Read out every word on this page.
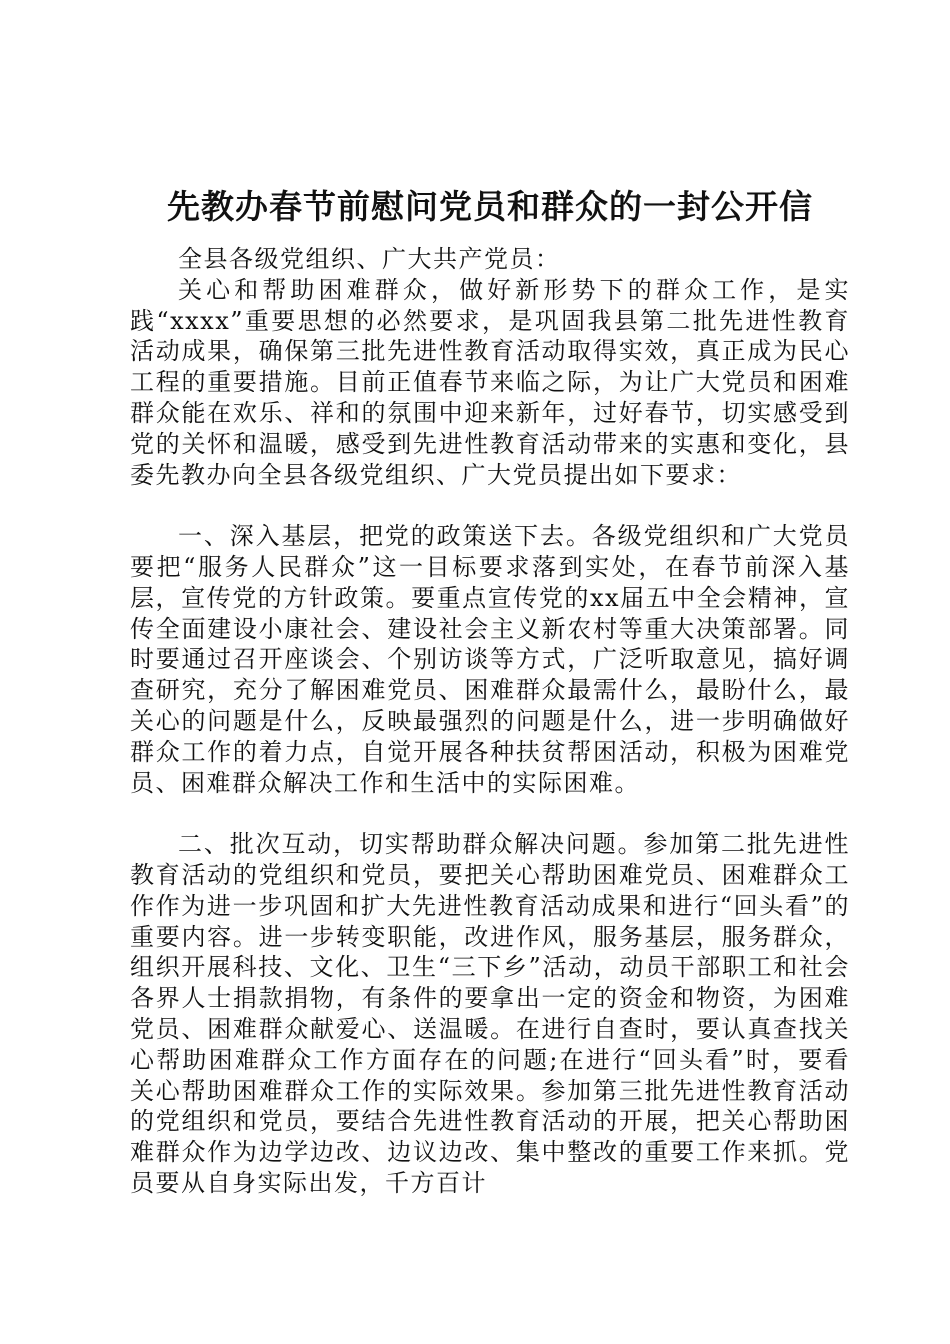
先教办春节前慰问党员和群众的一封公开信

全县各级党组织、广大共产党员：

关心和帮助困难群众，做好新形势下的群众工作，是实践“xxxx”重要思想的必然要求，是巩固我县第二批先进性教育活动成果，确保第三批先进性教育活动取得实效，真正成为民心工程的重要措施。目前正值春节来临之际，为让广大党员和困难群众能在欢乐、祥和的氛围中迎来新年，过好春节，切实感受到党的关怀和温暖，感受到先进性教育活动带来的实惠和变化，县委先教办向全县各级党组织、广大党员提出如下要求：

一、深入基层，把党的政策送下去。各级党组织和广大党员要把“服务人民群众”这一目标要求落到实处，在春节前深入基层，宣传党的方针政策。要重点宣传党的xx届五中全会精神，宣传全面建设小康社会、建设社会主义新农村等重大决策部署。同时要通过召开座谈会、个别访谈等方式，广泛听取意见，搞好调查研究，充分了解困难党员、困难群众最需什么，最盼什么，最关心的问题是什么，反映最强烈的问题是什么，进一步明确做好群众工作的着力点，自觉开展各种扶贫帮困活动，积极为困难党员、困难群众解决工作和生活中的实际困难。

二、批次互动，切实帮助群众解决问题。参加第二批先进性教育活动的党组织和党员，要把关心帮助困难党员、困难群众工作作为进一步巩固和扩大先进性教育活动成果和进行“回头看”的重要内容。进一步转变职能，改进作风，服务基层，服务群众，组织开展科技、文化、卫生“三下乡”活动，动员干部职工和社会各界人士捐款捐物，有条件的要拿出一定的资金和物资，为困难党员、困难群众献爱心、送温暖。在进行自查时，要认真查找关心帮助困难群众工作方面存在的问题;在进行“回头看”时，要看关心帮助困难群众工作的实际效果。参加第三批先进性教育活动的党组织和党员，要结合先进性教育活动的开展，把关心帮助困难群众作为边学边改、边议边改、集中整改的重要工作来抓。党员要从自身实际出发，千方百计
